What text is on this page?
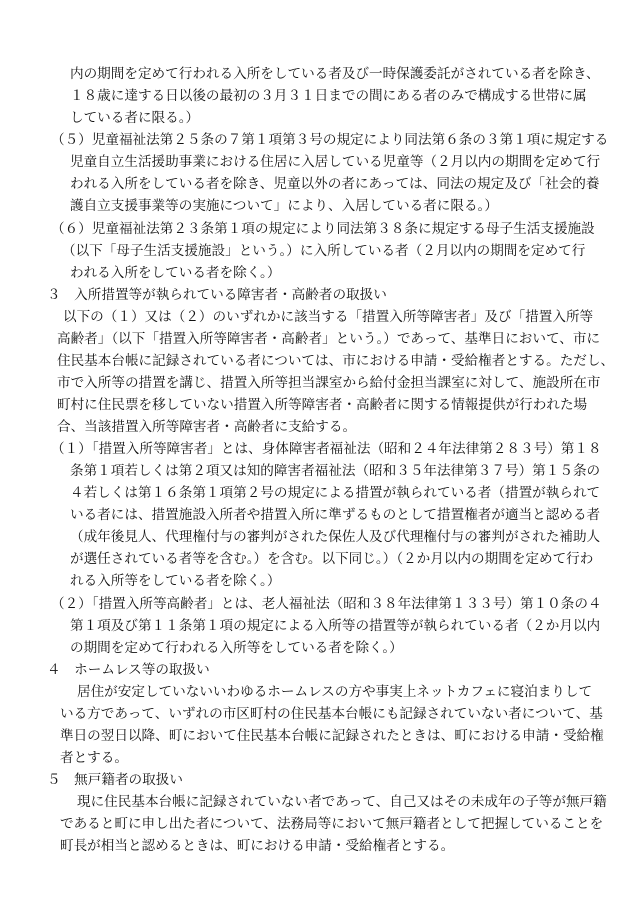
内の期間を定めて行われる入所をしている者及び一時保護委託がされている者を除き、
１８歳に達する日以後の最初の３月３１日までの間にある者のみで構成する世帯に属
している者に限る。）
（５）児童福祉法第２５条の７第１項第３号の規定により同法第６条の３第１項に規定する
児童自立生活援助事業における住居に入居している児童等（２月以内の期間を定めて行
われる入所をしている者を除き、児童以外の者にあっては、同法の規定及び「社会的養
護自立支援事業等の実施について」により、入居している者に限る。）
（６）児童福祉法第２３条第１項の規定により同法第３８条に規定する母子生活支援施設
（以下「母子生活支援施設」という。）に入所している者（２月以内の期間を定めて行
われる入所をしている者を除く。）
３　入所措置等が執られている障害者・高齢者の取扱い
以下の（１）又は（２）のいずれかに該当する「措置入所等障害者」及び「措置入所等
高齢者」（以下「措置入所等障害者・高齢者」という。）であって、基準日において、市に
住民基本台帳に記録されている者については、市における申請・受給権者とする。ただし、
市で入所等の措置を講じ、措置入所等担当課室から給付金担当課室に対して、施設所在市
町村に住民票を移していない措置入所等障害者・高齢者に関する情報提供が行われた場
合、当該措置入所等障害者・高齢者に支給する。
（１）「措置入所等障害者」とは、身体障害者福祉法（昭和２４年法律第２８３号）第１８
条第１項若しくは第２項又は知的障害者福祉法（昭和３５年法律第３７号）第１５条の
４若しくは第１６条第１項第２号の規定による措置が執られている者（措置が執られて
いる者には、措置施設入所者や措置入所に準ずるものとして措置権者が適当と認める者
（成年後見人、代理権付与の審判がされた保佐人及び代理権付与の審判がされた補助人
が選任されている者等を含む。）を含む。以下同じ。）（２か月以内の期間を定めて行わ
れる入所等をしている者を除く。）
（２）「措置入所等高齢者」とは、老人福祉法（昭和３８年法律第１３３号）第１０条の４
第１項及び第１１条第１項の規定による入所等の措置等が執られている者（２か月以内
の期間を定めて行われる入所等をしている者を除く。）
４　ホームレス等の取扱い
居住が安定していないいわゆるホームレスの方や事実上ネットカフェに寝泊まりして
いる方であって、いずれの市区町村の住民基本台帳にも記録されていない者について、基
準日の翌日以降、町において住民基本台帳に記録されたときは、町における申請・受給権
者とする。
５　無戸籍者の取扱い
現に住民基本台帳に記録されていない者であって、自己又はその未成年の子等が無戸籍
であると町に申し出た者について、法務局等において無戸籍者として把握していることを
町長が相当と認めるときは、町における申請・受給権者とする。
